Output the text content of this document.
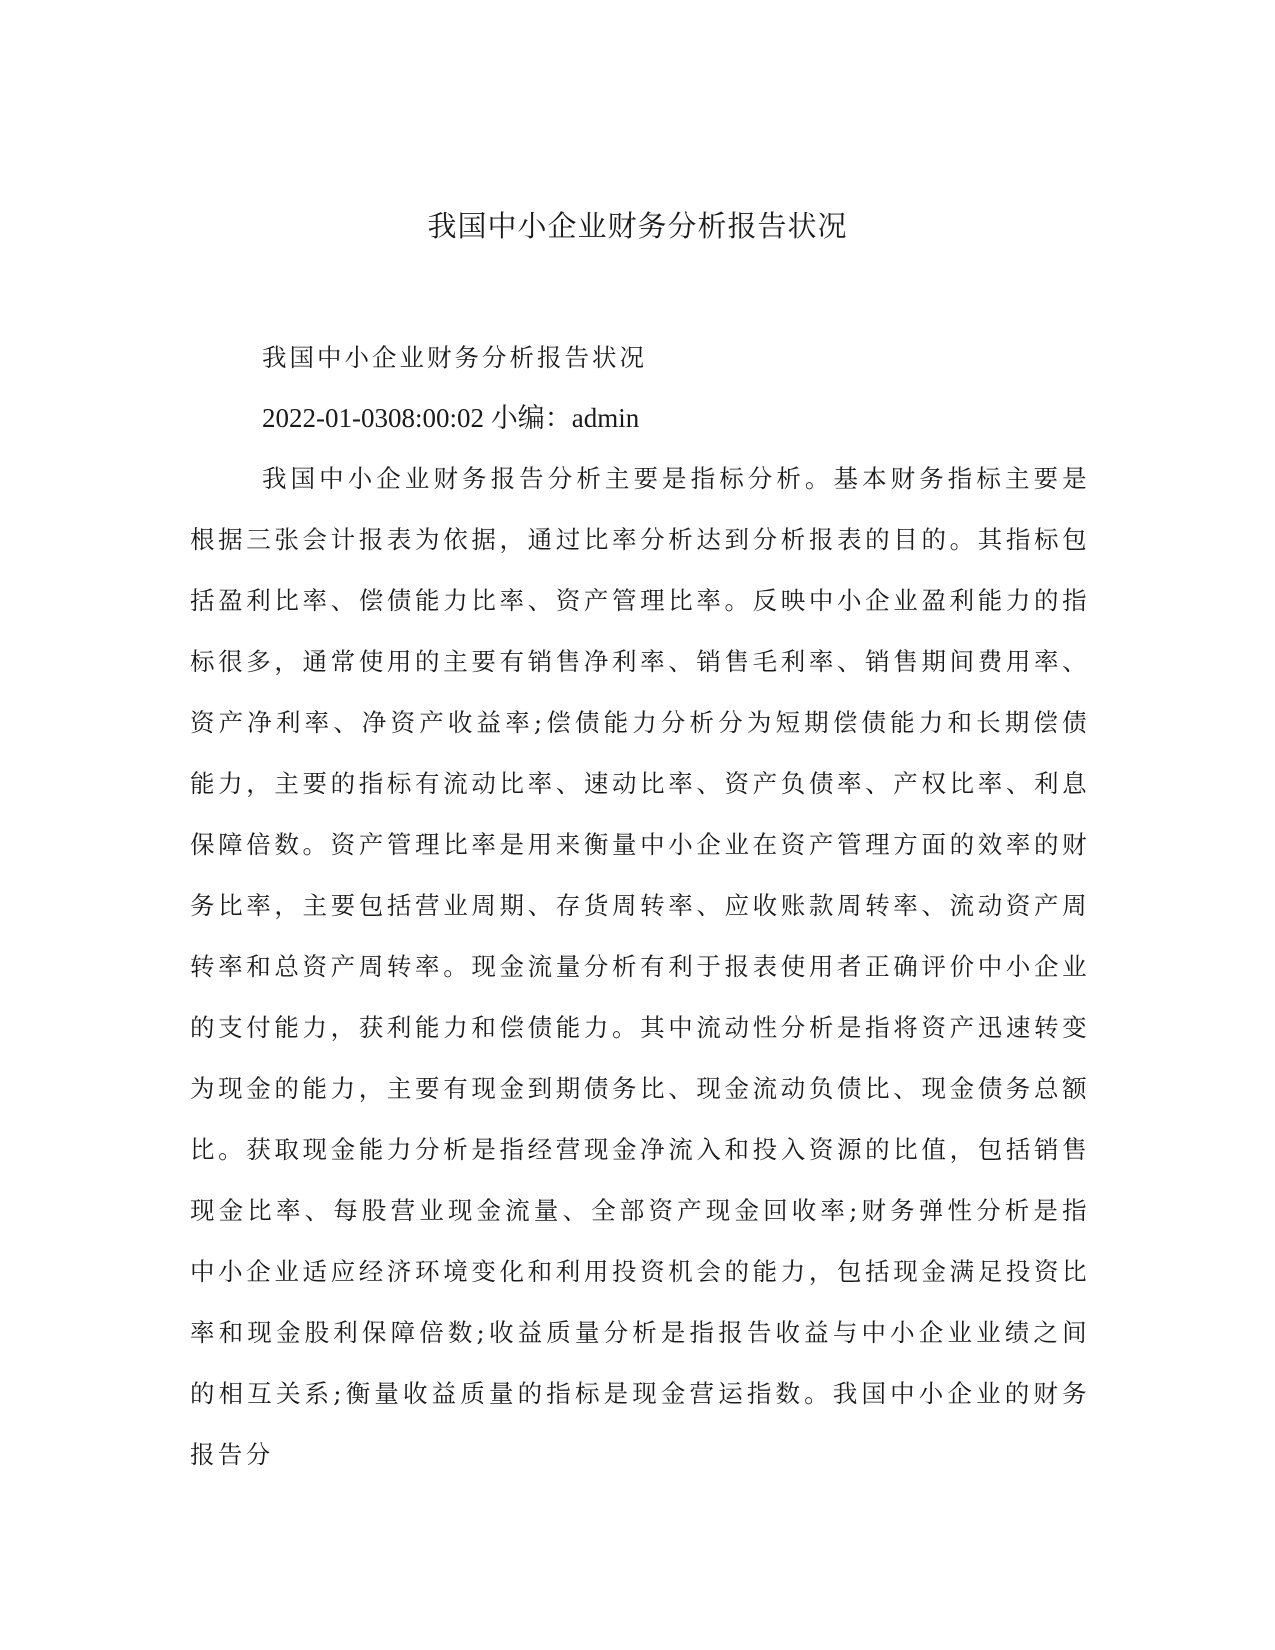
我国中小企业财务分析报告状况

我国中小企业财务分析报告状况

2022-01-0308:00:02 小编：admin

我国中小企业财务报告分析主要是指标分析。基本财务指标主要是根据三张会计报表为依据，通过比率分析达到分析报表的目的。其指标包括盈利比率、偿债能力比率、资产管理比率。反映中小企业盈利能力的指标很多，通常使用的主要有销售净利率、销售毛利率、销售期间费用率、资产净利率、净资产收益率;偿债能力分析分为短期偿债能力和长期偿债能力，主要的指标有流动比率、速动比率、资产负债率、产权比率、利息保障倍数。资产管理比率是用来衡量中小企业在资产管理方面的效率的财务比率，主要包括营业周期、存货周转率、应收账款周转率、流动资产周转率和总资产周转率。现金流量分析有利于报表使用者正确评价中小企业的支付能力，获利能力和偿债能力。其中流动性分析是指将资产迅速转变为现金的能力，主要有现金到期债务比、现金流动负债比、现金债务总额比。获取现金能力分析是指经营现金净流入和投入资源的比值，包括销售现金比率、每股营业现金流量、全部资产现金回收率;财务弹性分析是指中小企业适应经济环境变化和利用投资机会的能力，包括现金满足投资比率和现金股利保障倍数;收益质量分析是指报告收益与中小企业业绩之间的相互关系;衡量收益质量的指标是现金营运指数。我国中小企业的财务报告分
